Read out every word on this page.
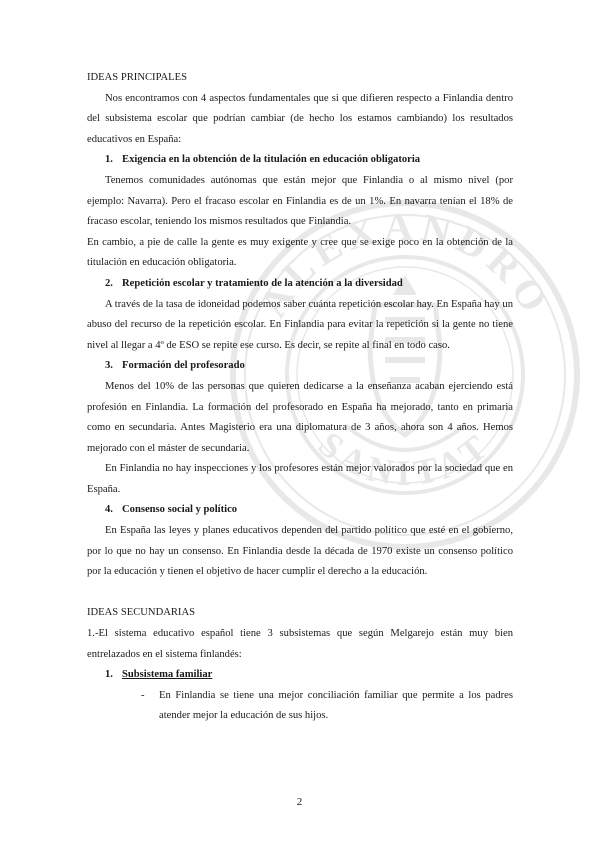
ALEXANDRO
SANITAT

IDEAS PRINCIPALES

Nos encontramos con 4 aspectos fundamentales que si que difieren respecto a Finlandia dentro del subsistema escolar que podrían cambiar (de hecho los estamos cambiando) los resultados educativos en España:

1. Exigencia en la obtención de la titulación en educación obligatoria

Tenemos comunidades autónomas que están mejor que Finlandia o al mismo nivel (por ejemplo: Navarra). Pero el fracaso escolar en Finlandia es de un 1%. En navarra tenían el 18% de fracaso escolar, teniendo los mismos resultados que Finlandia.

En cambio, a pie de calle la gente es muy exigente y cree que se exige poco en la obtención de la titulación en educación obligatoria.

2. Repetición escolar y tratamiento de la atención a la diversidad

A través de la tasa de idoneidad podemos saber cuánta repetición escolar hay. En España hay un abuso del recurso de la repetición escolar. En Finlandia para evitar la repetición si la gente no tiene nivel al llegar a 4º de ESO se repite ese curso. Es decir, se repite al final en todo caso.

3. Formación del profesorado

Menos del 10% de las personas que quieren dedicarse a la enseñanza acaban ejerciendo está profesión en Finlandia. La formación del profesorado en España ha mejorado, tanto en primaria como en secundaria. Antes Magisterio era una diplomatura de 3 años, ahora son 4 años. Hemos mejorado con el máster de secundaria.

En Finlandia no hay inspecciones y los profesores están mejor valorados por la sociedad que en España.

4. Consenso social y político

En España las leyes y planes educativos dependen del partido político que esté en el gobierno, por lo que no hay un consenso. En Finlandia desde la década de 1970 existe un consenso político por la educación y tienen el objetivo de hacer cumplir el derecho a la educación.

IDEAS SECUNDARIAS

1.-El sistema educativo español tiene 3 subsistemas que según Melgarejo están muy bien entrelazados en el sistema finlandés:

1. Subsistema familiar

- En Finlandia se tiene una mejor conciliación familiar que permite a los padres atender mejor la educación de sus hijos.

2
